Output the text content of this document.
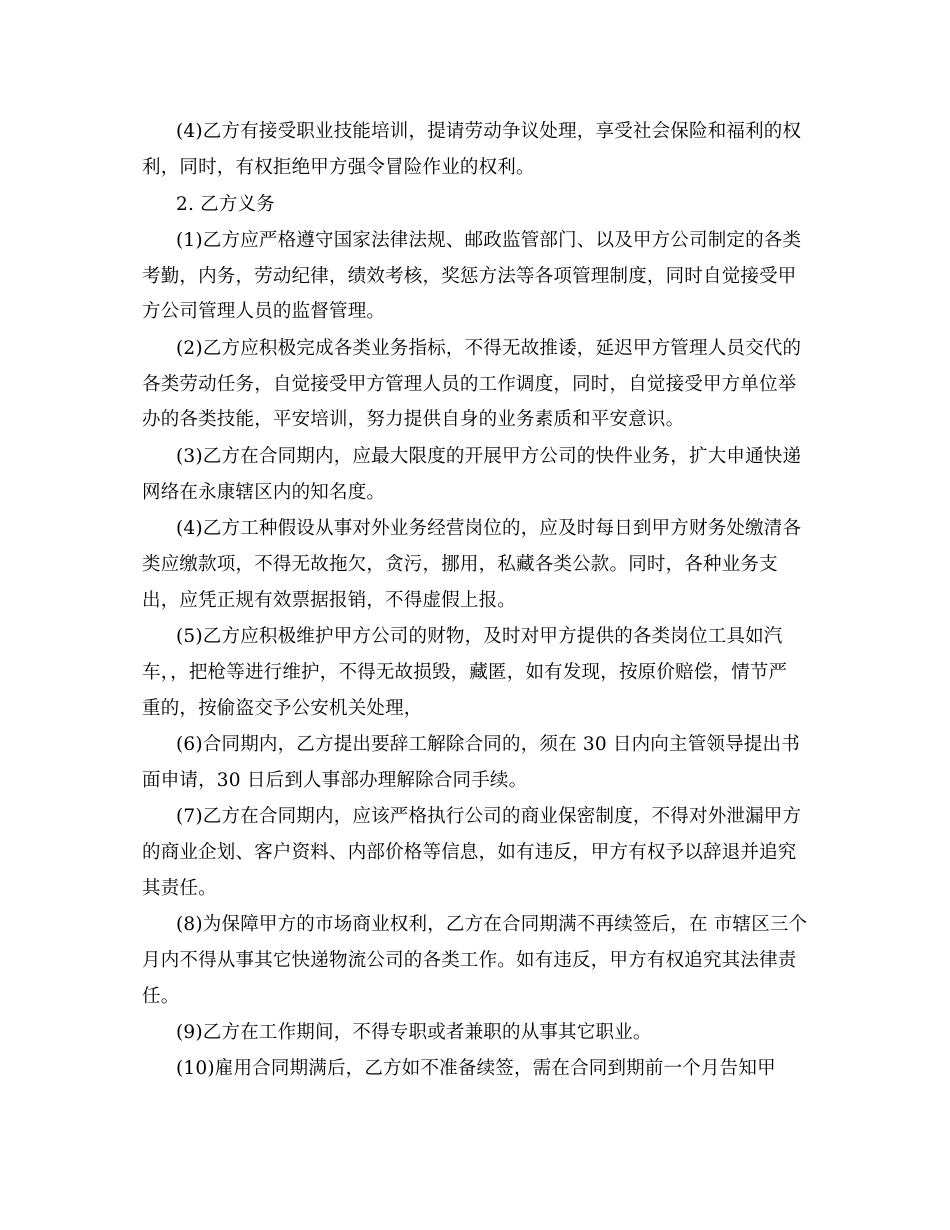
(4)乙方有接受职业技能培训，提请劳动争议处理，享受社会保险和福利的权
利，同时，有权拒绝甲方强令冒险作业的权利。
2. 乙方义务
(1)乙方应严格遵守国家法律法规、邮政监管部门、以及甲方公司制定的各类
考勤，内务，劳动纪律，绩效考核，奖惩方法等各项管理制度，同时自觉接受甲
方公司管理人员的监督管理。
(2)乙方应积极完成各类业务指标，不得无故推诿，延迟甲方管理人员交代的
各类劳动任务，自觉接受甲方管理人员的工作调度，同时，自觉接受甲方单位举
办的各类技能，平安培训，努力提供自身的业务素质和平安意识。
(3)乙方在合同期内，应最大限度的开展甲方公司的快件业务，扩大申通快递
网络在永康辖区内的知名度。
(4)乙方工种假设从事对外业务经营岗位的，应及时每日到甲方财务处缴清各
类应缴款项，不得无故拖欠，贪污，挪用，私藏各类公款。同时，各种业务支
出，应凭正规有效票据报销，不得虚假上报。
(5)乙方应积极维护甲方公司的财物，及时对甲方提供的各类岗位工具如汽
车，，把枪等进行维护，不得无故损毁，藏匿，如有发现，按原价赔偿，情节严
重的，按偷盗交予公安机关处理，
(6)合同期内，乙方提出要辞工解除合同的，须在 30 日内向主管领导提出书
面申请，30 日后到人事部办理解除合同手续。
(7)乙方在合同期内，应该严格执行公司的商业保密制度，不得对外泄漏甲方
的商业企划、客户资料、内部价格等信息，如有违反，甲方有权予以辞退并追究
其责任。
(8)为保障甲方的市场商业权利，乙方在合同期满不再续签后，在 市辖区三个
月内不得从事其它快递物流公司的各类工作。如有违反，甲方有权追究其法律责
任。
(9)乙方在工作期间，不得专职或者兼职的从事其它职业。
(10)雇用合同期满后，乙方如不准备续签，需在合同到期前一个月告知甲
